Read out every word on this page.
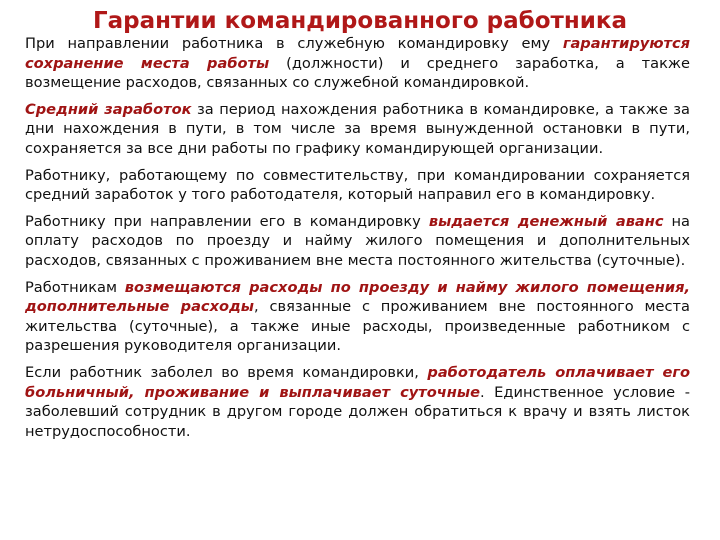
При направлении работника в служебную командировку ему гарантируются сохранение места работы (должности) и среднего заработка, а также возмещение расходов, связанных со служебной командировкой.

Средний заработок за период нахождения работника в командировке, а также за дни нахождения в пути, в том числе за время вынужденной остановки в пути, сохраняется за все дни работы по графику командирующей организации.

Работнику, работающему по совместительству, при командировании сохраняется средний заработок у того работодателя, который направил его в командировку.

Работнику при направлении его в командировку выдается денежный аванс на оплату расходов по проезду и найму жилого помещения и дополнительных расходов, связанных с проживанием вне места постоянного жительства (суточные).

Работникам возмещаются расходы по проезду и найму жилого помещения, дополнительные расходы, связанные с проживанием вне постоянного места жительства (суточные), а также иные расходы, произведенные работником с разрешения руководителя организации.

Если работник заболел во время командировки, работодатель оплачивает его больничный, проживание и выплачивает суточные. Единственное условие - заболевший сотрудник в другом городе должен обратиться к врачу и взять листок нетрудоспособности.

Гарантии командированного работника
